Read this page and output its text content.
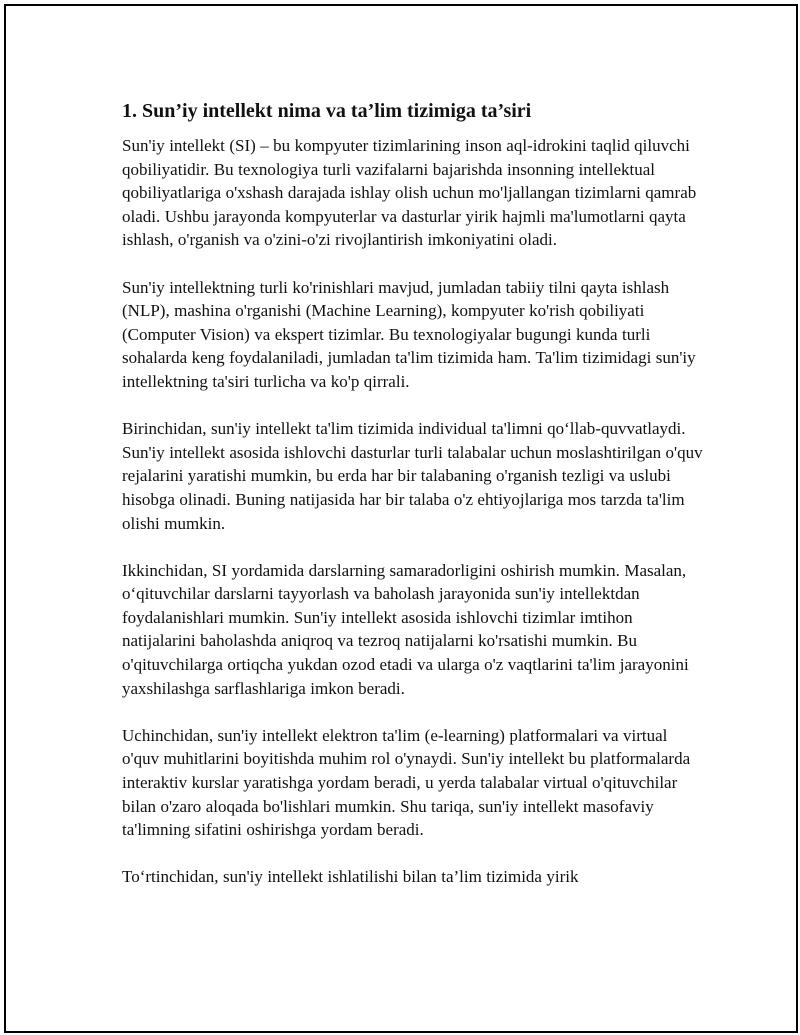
1. Sun’iy intellekt nima va ta’lim tizimiga ta’siri

Sun'iy intellekt (SI) – bu kompyuter tizimlarining inson aql-idrokini taqlid qiluvchi qobiliyatidir. Bu texnologiya turli vazifalarni bajarishda insonning intellektual qobiliyatlariga o'xshash darajada ishlay olish uchun mo'ljallangan tizimlarni qamrab oladi. Ushbu jarayonda kompyuterlar va dasturlar yirik hajmli ma'lumotlarni qayta ishlash, o'rganish va o'zini-o'zi rivojlantirish imkoniyatini oladi.

Sun'iy intellektning turli ko'rinishlari mavjud, jumladan tabiiy tilni qayta ishlash (NLP), mashina o'rganishi (Machine Learning), kompyuter ko'rish qobiliyati (Computer Vision) va ekspert tizimlar. Bu texnologiyalar bugungi kunda turli sohalarda keng foydalaniladi, jumladan ta'lim tizimida ham. Ta'lim tizimidagi sun'iy intellektning ta'siri turlicha va ko'p qirrali.

Birinchidan, sun'iy intellekt ta'lim tizimida individual ta'limni qo‘llab-quvvatlaydi. Sun'iy intellekt asosida ishlovchi dasturlar turli talabalar uchun moslashtirilgan o'quv rejalarini yaratishi mumkin, bu erda har bir talabaning o'rganish tezligi va uslubi hisobga olinadi. Buning natijasida har bir talaba o'z ehtiyojlariga mos tarzda ta'lim olishi mumkin.

Ikkinchidan, SI yordamida darslarning samaradorligini oshirish mumkin. Masalan, o‘qituvchilar darslarni tayyorlash va baholash jarayonida sun'iy intellektdan foydalanishlari mumkin. Sun'iy intellekt asosida ishlovchi tizimlar imtihon natijalarini baholashda aniqroq va tezroq natijalarni ko'rsatishi mumkin. Bu o'qituvchilarga ortiqcha yukdan ozod etadi va ularga o'z vaqtlarini ta'lim jarayonini yaxshilashga sarflashlariga imkon beradi.

Uchinchidan, sun'iy intellekt elektron ta'lim (e-learning) platformalari va virtual o'quv muhitlarini boyitishda muhim rol o'ynaydi. Sun'iy intellekt bu platformalarda interaktiv kurslar yaratishga yordam beradi, u yerda talabalar virtual o'qituvchilar bilan o'zaro aloqada bo'lishlari mumkin. Shu tariqa, sun'iy intellekt masofaviy ta'limning sifatini oshirishga yordam beradi.

To‘rtinchidan, sun'iy intellekt ishlatilishi bilan ta’lim tizimida yirik
